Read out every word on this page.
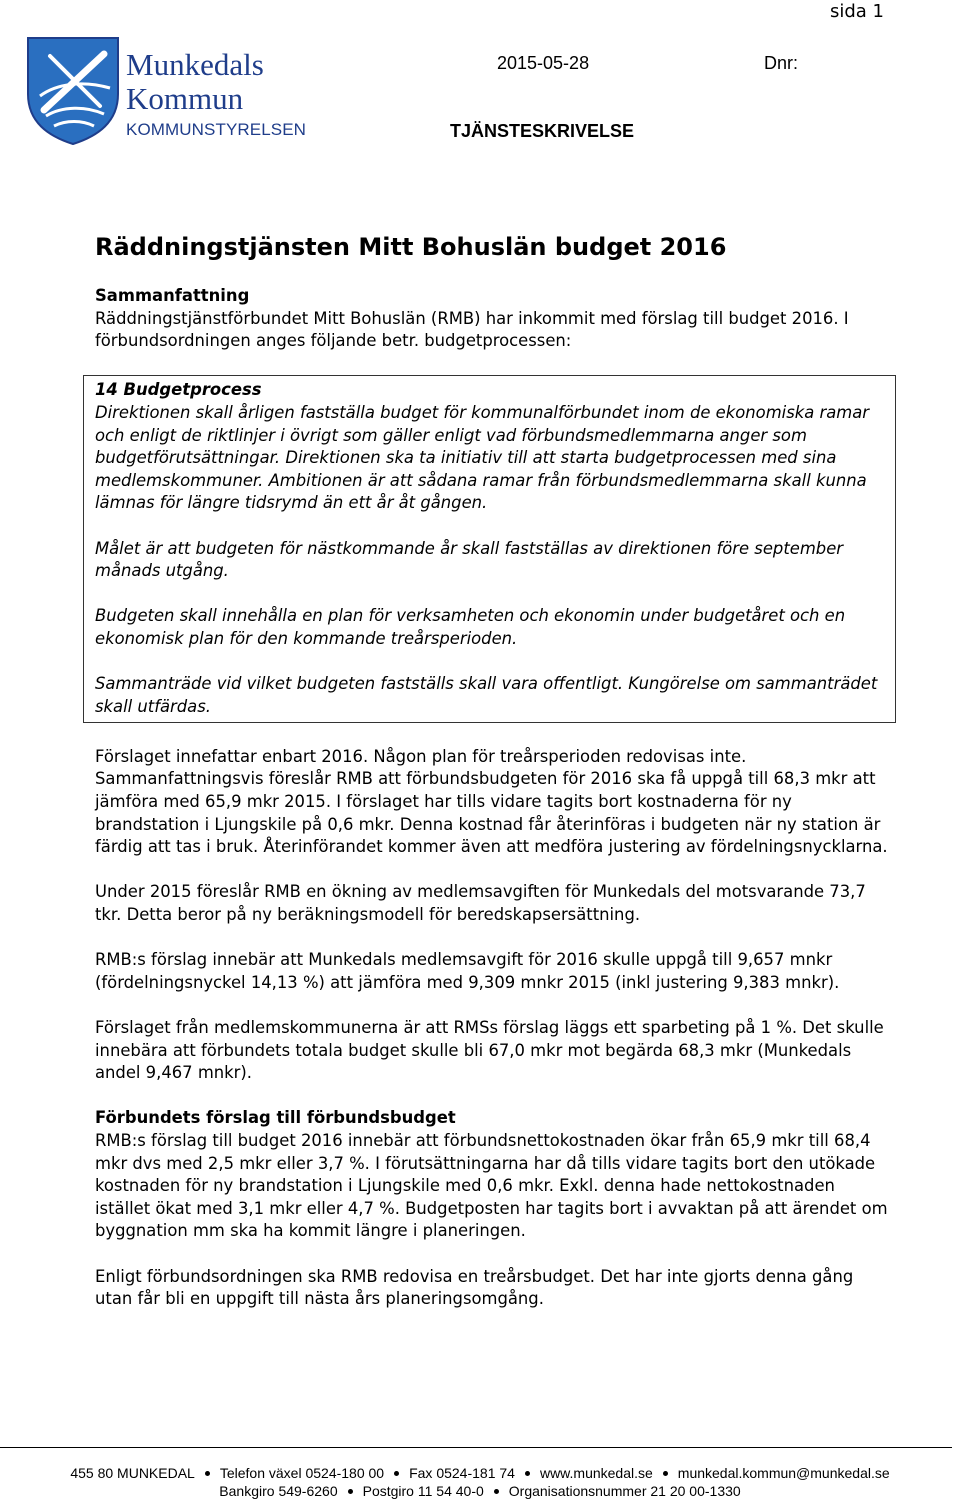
sida 1
Munkedals
Kommun
KOMMUNSTYRELSEN
2015-05-28	Dnr:
TJÄNSTESKRIVELSE
Räddningstjänsten Mitt Bohuslän budget 2016

Sammanfattning

Räddningstjänstförbundet Mitt Bohuslän (RMB) har inkommit med förslag till budget 2016. I förbundsordningen anges följande betr. budgetprocessen:

14 Budgetprocess

Direktionen skall årligen fastställa budget för kommunalförbundet inom de ekonomiska ramar och enligt de riktlinjer i övrigt som gäller enligt vad förbundsmedlemmarna anger som budgetförutsättningar. Direktionen ska ta initiativ till att starta budgetprocessen med sina medlemskommuner. Ambitionen är att sådana ramar från förbundsmedlemmarna skall kunna lämnas för längre tidsrymd än ett år åt gången.

Målet är att budgeten för nästkommande år skall fastställas av direktionen före september månads utgång.

Budgeten skall innehålla en plan för verksamheten och ekonomin under budgetåret och en ekonomisk plan för den kommande treårsperioden.

Sammanträde vid vilket budgeten fastställs skall vara offentligt. Kungörelse om sammanträdet skall utfärdas.

Förslaget innefattar enbart 2016. Någon plan för treårsperioden redovisas inte. Sammanfattningsvis föreslår RMB att förbundsbudgeten för 2016 ska få uppgå till 68,3 mkr att jämföra med 65,9 mkr 2015. I förslaget har tills vidare tagits bort kostnaderna för ny brandstation i Ljungskile på 0,6 mkr. Denna kostnad får återinföras i budgeten när ny station är färdig att tas i bruk. Återinförandet kommer även att medföra justering av fördelningsnycklarna.

Under 2015 föreslår RMB en ökning av medlemsavgiften för Munkedals del motsvarande 73,7 tkr. Detta beror på ny beräkningsmodell för beredskapsersättning.

RMB:s förslag innebär att Munkedals medlemsavgift för 2016 skulle uppgå till 9,657 mnkr (fördelningsnyckel 14,13 %) att jämföra med 9,309 mnkr 2015 (inkl justering 9,383 mnkr).

Förslaget från medlemskommunerna är att RMSs förslag läggs ett sparbeting på 1 %. Det skulle innebära att förbundets totala budget skulle bli 67,0 mkr mot begärda 68,3 mkr (Munkedals andel 9,467 mnkr).

Förbundets förslag till förbundsbudget

RMB:s förslag till budget 2016 innebär att förbundsnettokostnaden ökar från 65,9 mkr till 68,4 mkr dvs med 2,5 mkr eller 3,7 %. I förutsättningarna har då tills vidare tagits bort den utökade kostnaden för ny brandstation i Ljungskile med 0,6 mkr. Exkl. denna hade nettokostnaden istället ökat med 3,1 mkr eller 4,7 %. Budgetposten har tagits bort i avvaktan på att ärendet om byggnation mm ska ha kommit längre i planeringen.

Enligt förbundsordningen ska RMB redovisa en treårsbudget. Det har inte gjorts denna gång utan får bli en uppgift till nästa års planeringsomgång.

455 80 MUNKEDAL Telefon växel 0524-180 00 Fax 0524-181 74 www.munkedal.se munkedal.kommun@munkedal.se
Bankgiro 549-6260 Postgiro 11 54 40-0 Organisationsnummer 21 20 00-1330
